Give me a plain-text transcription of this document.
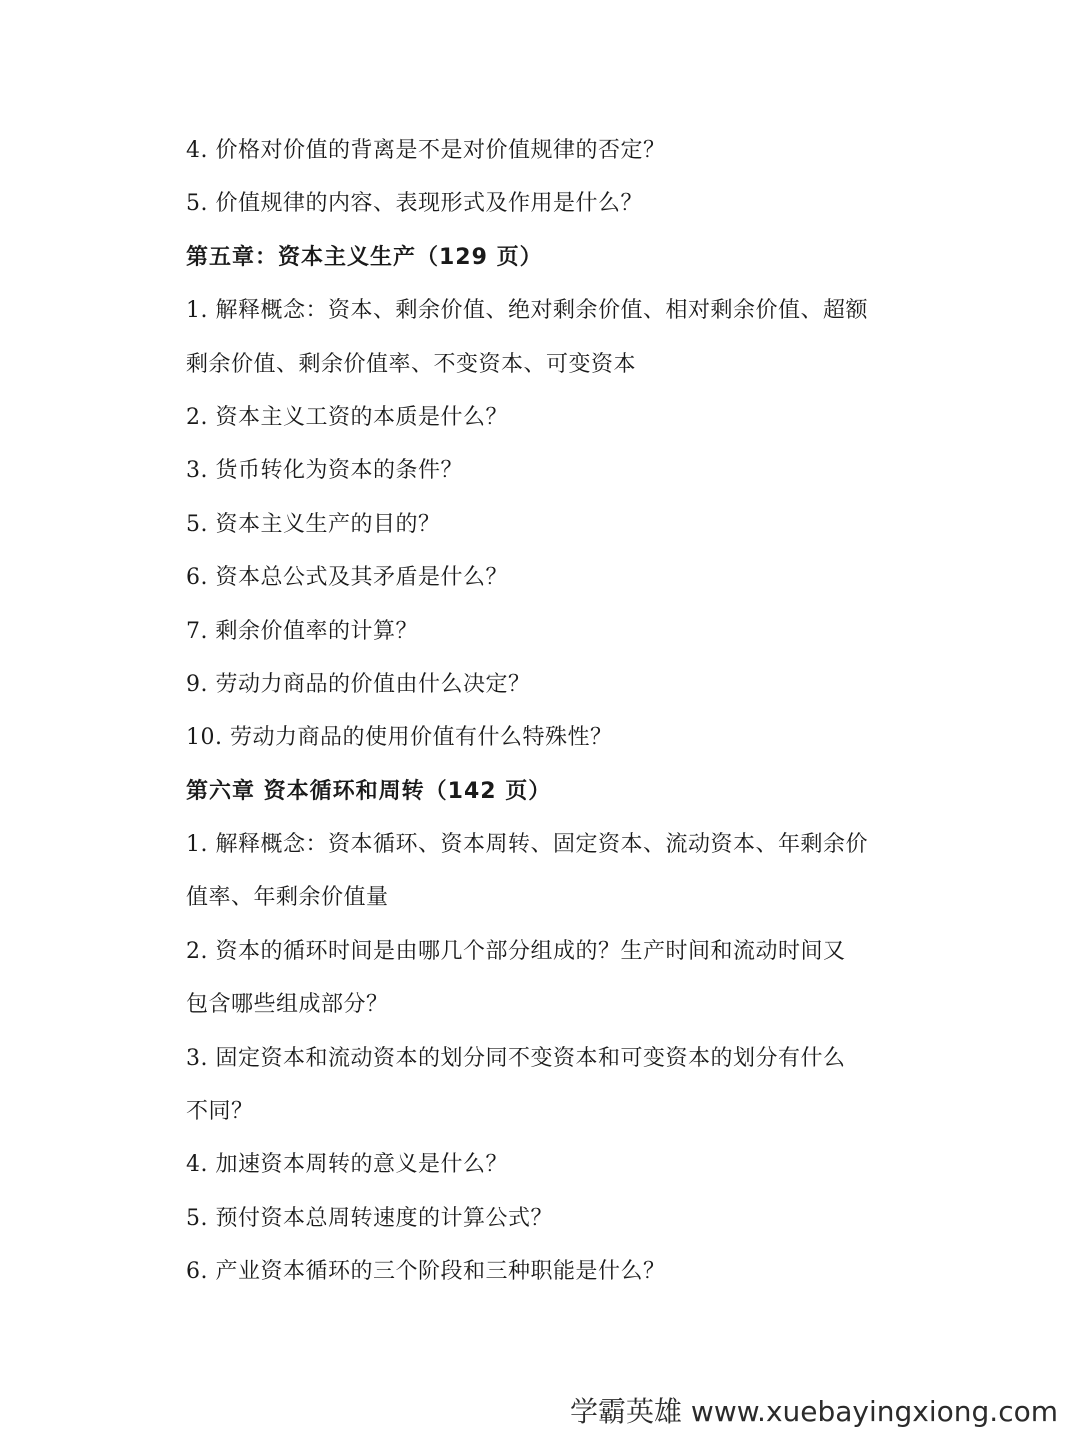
4. 价格对价值的背离是不是对价值规律的否定？
5. 价值规律的内容、表现形式及作用是什么？
第五章：资本主义生产（129 页）
1. 解释概念：资本、剩余价值、绝对剩余价值、相对剩余价值、超额
剩余价值、剩余价值率、不变资本、可变资本
2. 资本主义工资的本质是什么？
3. 货币转化为资本的条件？
5. 资本主义生产的目的？
6. 资本总公式及其矛盾是什么？
7. 剩余价值率的计算？
9. 劳动力商品的价值由什么决定？
10. 劳动力商品的使用价值有什么特殊性？
第六章 资本循环和周转（142 页）
1. 解释概念：资本循环、资本周转、固定资本、流动资本、年剩余价
值率、年剩余价值量
2. 资本的循环时间是由哪几个部分组成的？生产时间和流动时间又
包含哪些组成部分？
3. 固定资本和流动资本的划分同不变资本和可变资本的划分有什么
不同？
4. 加速资本周转的意义是什么？
5. 预付资本总周转速度的计算公式？
6. 产业资本循环的三个阶段和三种职能是什么？
学霸英雄 www.xuebayingxiong.com
